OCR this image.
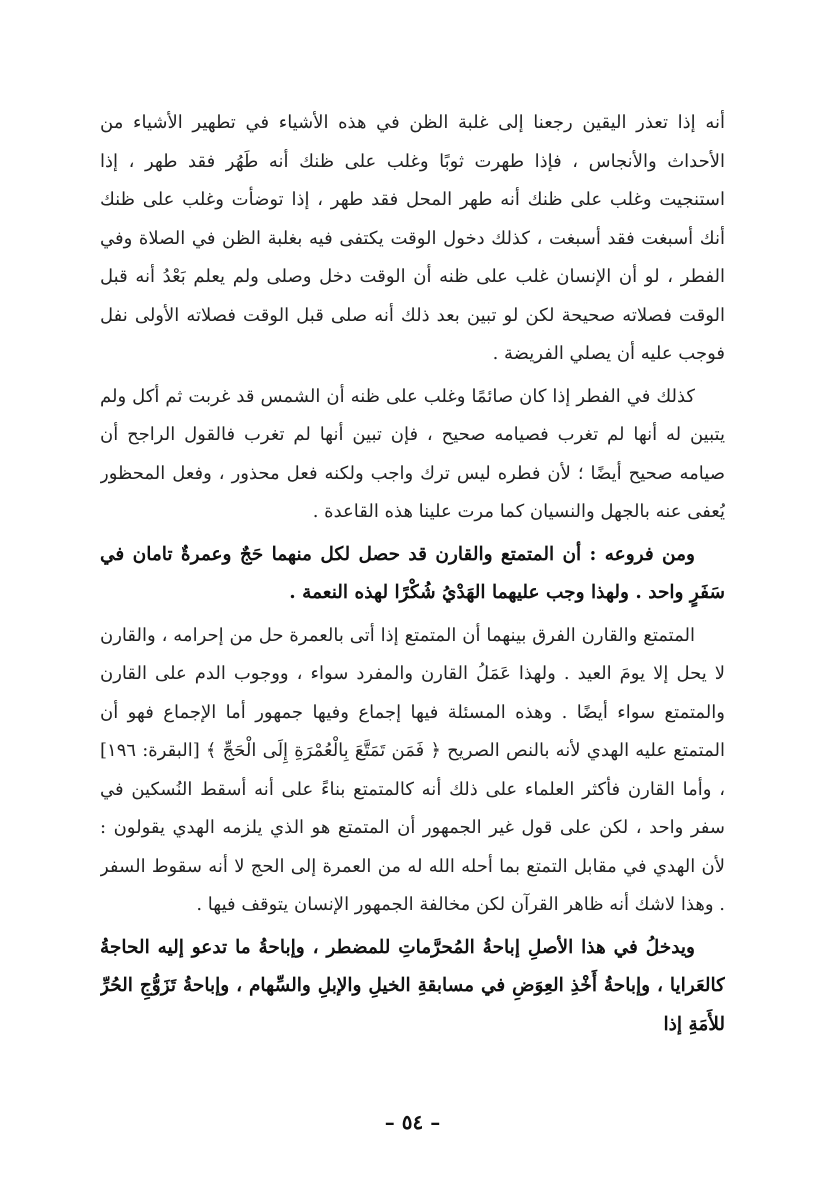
أنه إذا تعذر اليقين رجعنا إلى غلبة الظن في هذه الأشياء في تطهير الأشياء من الأحداث والأنجاس ، فإذا طهرت ثوبًا وغلب على ظنك أنه طَهُر فقد طهر ، إذا استنجيت وغلب على ظنك أنه طهر المحل فقد طهر ، إذا توضأت وغلب على ظنك أنك أسبغت فقد أسبغت ، كذلك دخول الوقت يكتفى فيه بغلبة الظن في الصلاة وفي الفطر ، لو أن الإنسان غلب على ظنه أن الوقت دخل وصلى ولم يعلم بَعْدُ أنه قبل الوقت فصلاته صحيحة لكن لو تبين بعد ذلك أنه صلى قبل الوقت فصلاته الأولى نفل فوجب عليه أن يصلي الفريضة .

كذلك في الفطر إذا كان صائمًا وغلب على ظنه أن الشمس قد غربت ثم أكل ولم يتبين له أنها لم تغرب فصيامه صحيح ، فإن تبين أنها لم تغرب فالقول الراجح أن صيامه صحيح أيضًا ؛ لأن فطره ليس ترك واجب ولكنه فعل محذور ، وفعل المحظور يُعفى عنه بالجهل والنسيان كما مرت علينا هذه القاعدة .

ومن فروعه : أن المتمتع والقارن قد حصل لكل منهما حَجٌ وعمرةٌ تامان في سَفَرٍ واحد . ولهذا وجب عليهما الهَدْيُ شُكْرًا لهذه النعمة .

المتمتع والقارن الفرق بينهما أن المتمتع إذا أتى بالعمرة حل من إحرامه ، والقارن لا يحل إلا يومَ العيد . ولهذا عَمَلُ القارن والمفرد سواء ، ووجوب الدم على القارن والمتمتع سواء أيضًا . وهذه المسئلة فيها إجماع وفيها جمهور أما الإجماع فهو أن المتمتع عليه الهدي لأنه بالنص الصريح ﴿ فَمَن تَمَتَّعَ بِالْعُمْرَةِ إِلَى الْحَجِّ ﴾ [البقرة: ١٩٦] ، وأما القارن فأكثر العلماء على ذلك أنه كالمتمتع بناءً على أنه أسقط النُسكين في سفر واحد ، لكن على قول غير الجمهور أن المتمتع هو الذي يلزمه الهدي يقولون : لأن الهدي في مقابل التمتع بما أحله الله له من العمرة إلى الحج لا أنه سقوط السفر . وهذا لاشك أنه ظاهر القرآن لكن مخالفة الجمهور الإنسان يتوقف فيها .

ويدخلُ في هذا الأصلِ إباحةُ المُحرَّماتِ للمضطر ، وإباحةُ ما تدعو إليه الحاجةُ كالعَرايا ، وإباحةُ أَخْذِ العِوَضِ في مسابقةِ الخيلِ والإبلِ والسِّهام ، وإباحةُ تَزَوُّجِ الحُرِّ للأَمَةِ إذا

– ٥٤ –
